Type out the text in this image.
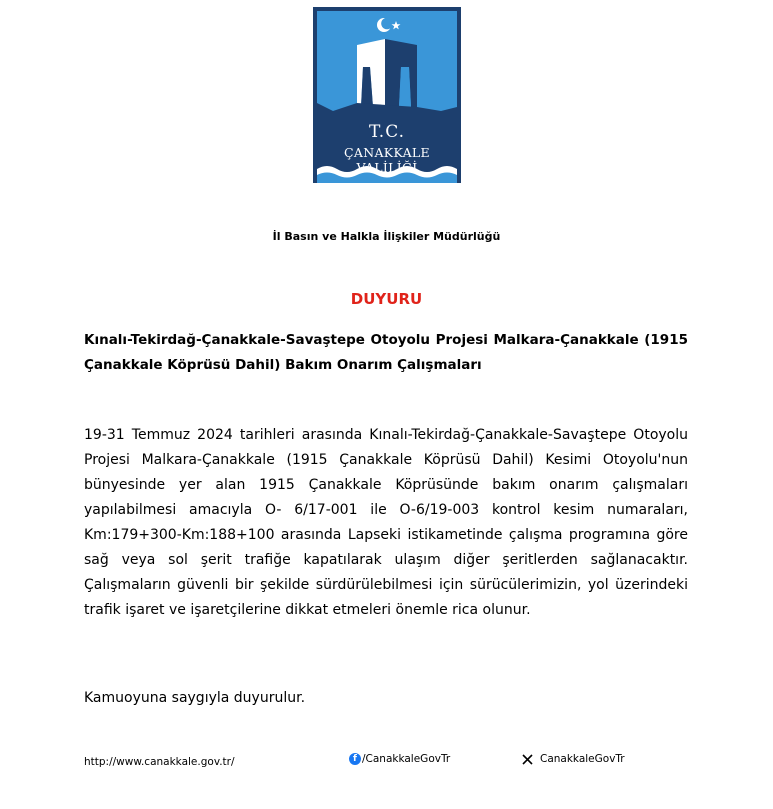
T.C.
ÇANAKKALE VALİLİĞİ
İl Basın ve Halkla İlişkiler Müdürlüğü
DUYURU
Kınalı-Tekirdağ-Çanakkale-Savaştepe Otoyolu Projesi Malkara-Çanakkale (1915 Çanakkale Köprüsü Dahil) Bakım Onarım Çalışmaları
19-31 Temmuz 2024 tarihleri arasında Kınalı-Tekirdağ-Çanakkale-Savaştepe Otoyolu Projesi Malkara-Çanakkale (1915 Çanakkale Köprüsü Dahil) Kesimi Otoyolu'nun bünyesinde yer alan 1915 Çanakkale Köprüsünde bakım onarım çalışmaları yapılabilmesi amacıyla O- 6/17-001 ile O-6/19-003 kontrol kesim numaraları, Km:179+300-Km:188+100 arasında Lapseki istikametinde çalışma programına göre sağ veya sol şerit trafiğe kapatılarak ulaşım diğer şeritlerden sağlanacaktır. Çalışmaların güvenli bir şekilde sürdürülebilmesi için sürücülerimizin, yol üzerindeki trafik işaret ve işaretçilerine dikkat etmeleri önemle rica olunur.
Kamuoyuna saygıyla duyurulur.
http://www.canakkale.gov.tr/	f /CanakkaleGovTr	CanakkaleGovTr
